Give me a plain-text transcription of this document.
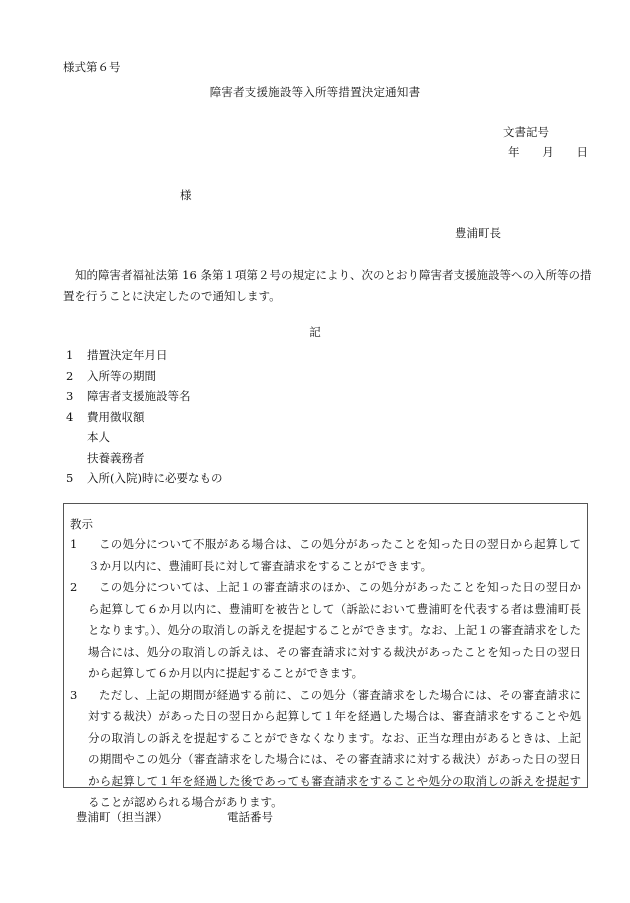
様式第６号
障害者支援施設等入所等措置決定通知書
文書記号
年 月 日
様
豊浦町長

知的障害者福祉法第 16 条第１項第２号の規定により、次のとおり障害者支援施設等への入所等の措置を行うことに決定したので通知します。

記
1	措置決定年月日
2	入所等の期間
3	障害者支援施設等名
4	費用徴収額
本人
扶養義務者
5	入所(入院)時に必要なもの
教示
1	この処分について不服がある場合は、この処分があったことを知った日の翌日から起算して３か月以内に、豊浦町長に対して審査請求をすることができます。
2	この処分については、上記１の審査請求のほか、この処分があったことを知った日の翌日から起算して６か月以内に、豊浦町を被告として（訴訟において豊浦町を代表する者は豊浦町長となります。）、処分の取消しの訴えを提起することができます。なお、上記１の審査請求をした場合には、処分の取消しの訴えは、その審査請求に対する裁決があったことを知った日の翌日から起算して６か月以内に提起することができます。
3	ただし、上記の期間が経過する前に、この処分（審査請求をした場合には、その審査請求に対する裁決）があった日の翌日から起算して１年を経過した場合は、審査請求をすることや処分の取消しの訴えを提起することができなくなります。なお、正当な理由があるときは、上記の期間やこの処分（審査請求をした場合には、その審査請求に対する裁決）があった日の翌日から起算して１年を経過した後であっても審査請求をすることや処分の取消しの訴えを提起することが認められる場合があります。
豊浦町（担当課）	電話番号
